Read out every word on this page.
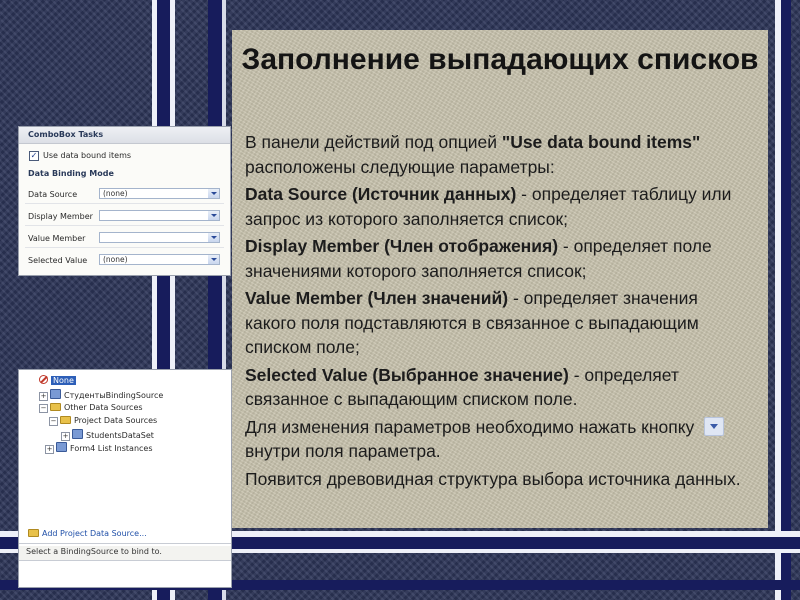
Заполнение выпадающих списков

В панели действий под опцией "Use data bound items" расположены следующие параметры:

Data Source (Источник данных) - определяет таблицу или запрос из которого заполняется список;

Display Member (Член отображения) - определяет поле значениями которого заполняется список;

Value Member (Член значений) - определяет значения какого поля подставляются в связанное с выпадающим списком поле;

Selected Value (Выбранное значение) - определяет связанное с выпадающим списком поле.

Для изменения параметров необходимо нажать кнопкувнутри поля параметра.

Появится древовидная структура выбора источника данных.

ComboBox Tasks
✓ Use data bound items
Data Binding Mode
Data Source	(none)
Display Member
Value Member
Selected Value (none)
None
+ СтудентыBindingSource
− Other Data Sources
− Project Data Sources
+ StudentsDataSet
+ Form4 List Instances
Add Project Data Source...
Select a BindingSource to bind to.
